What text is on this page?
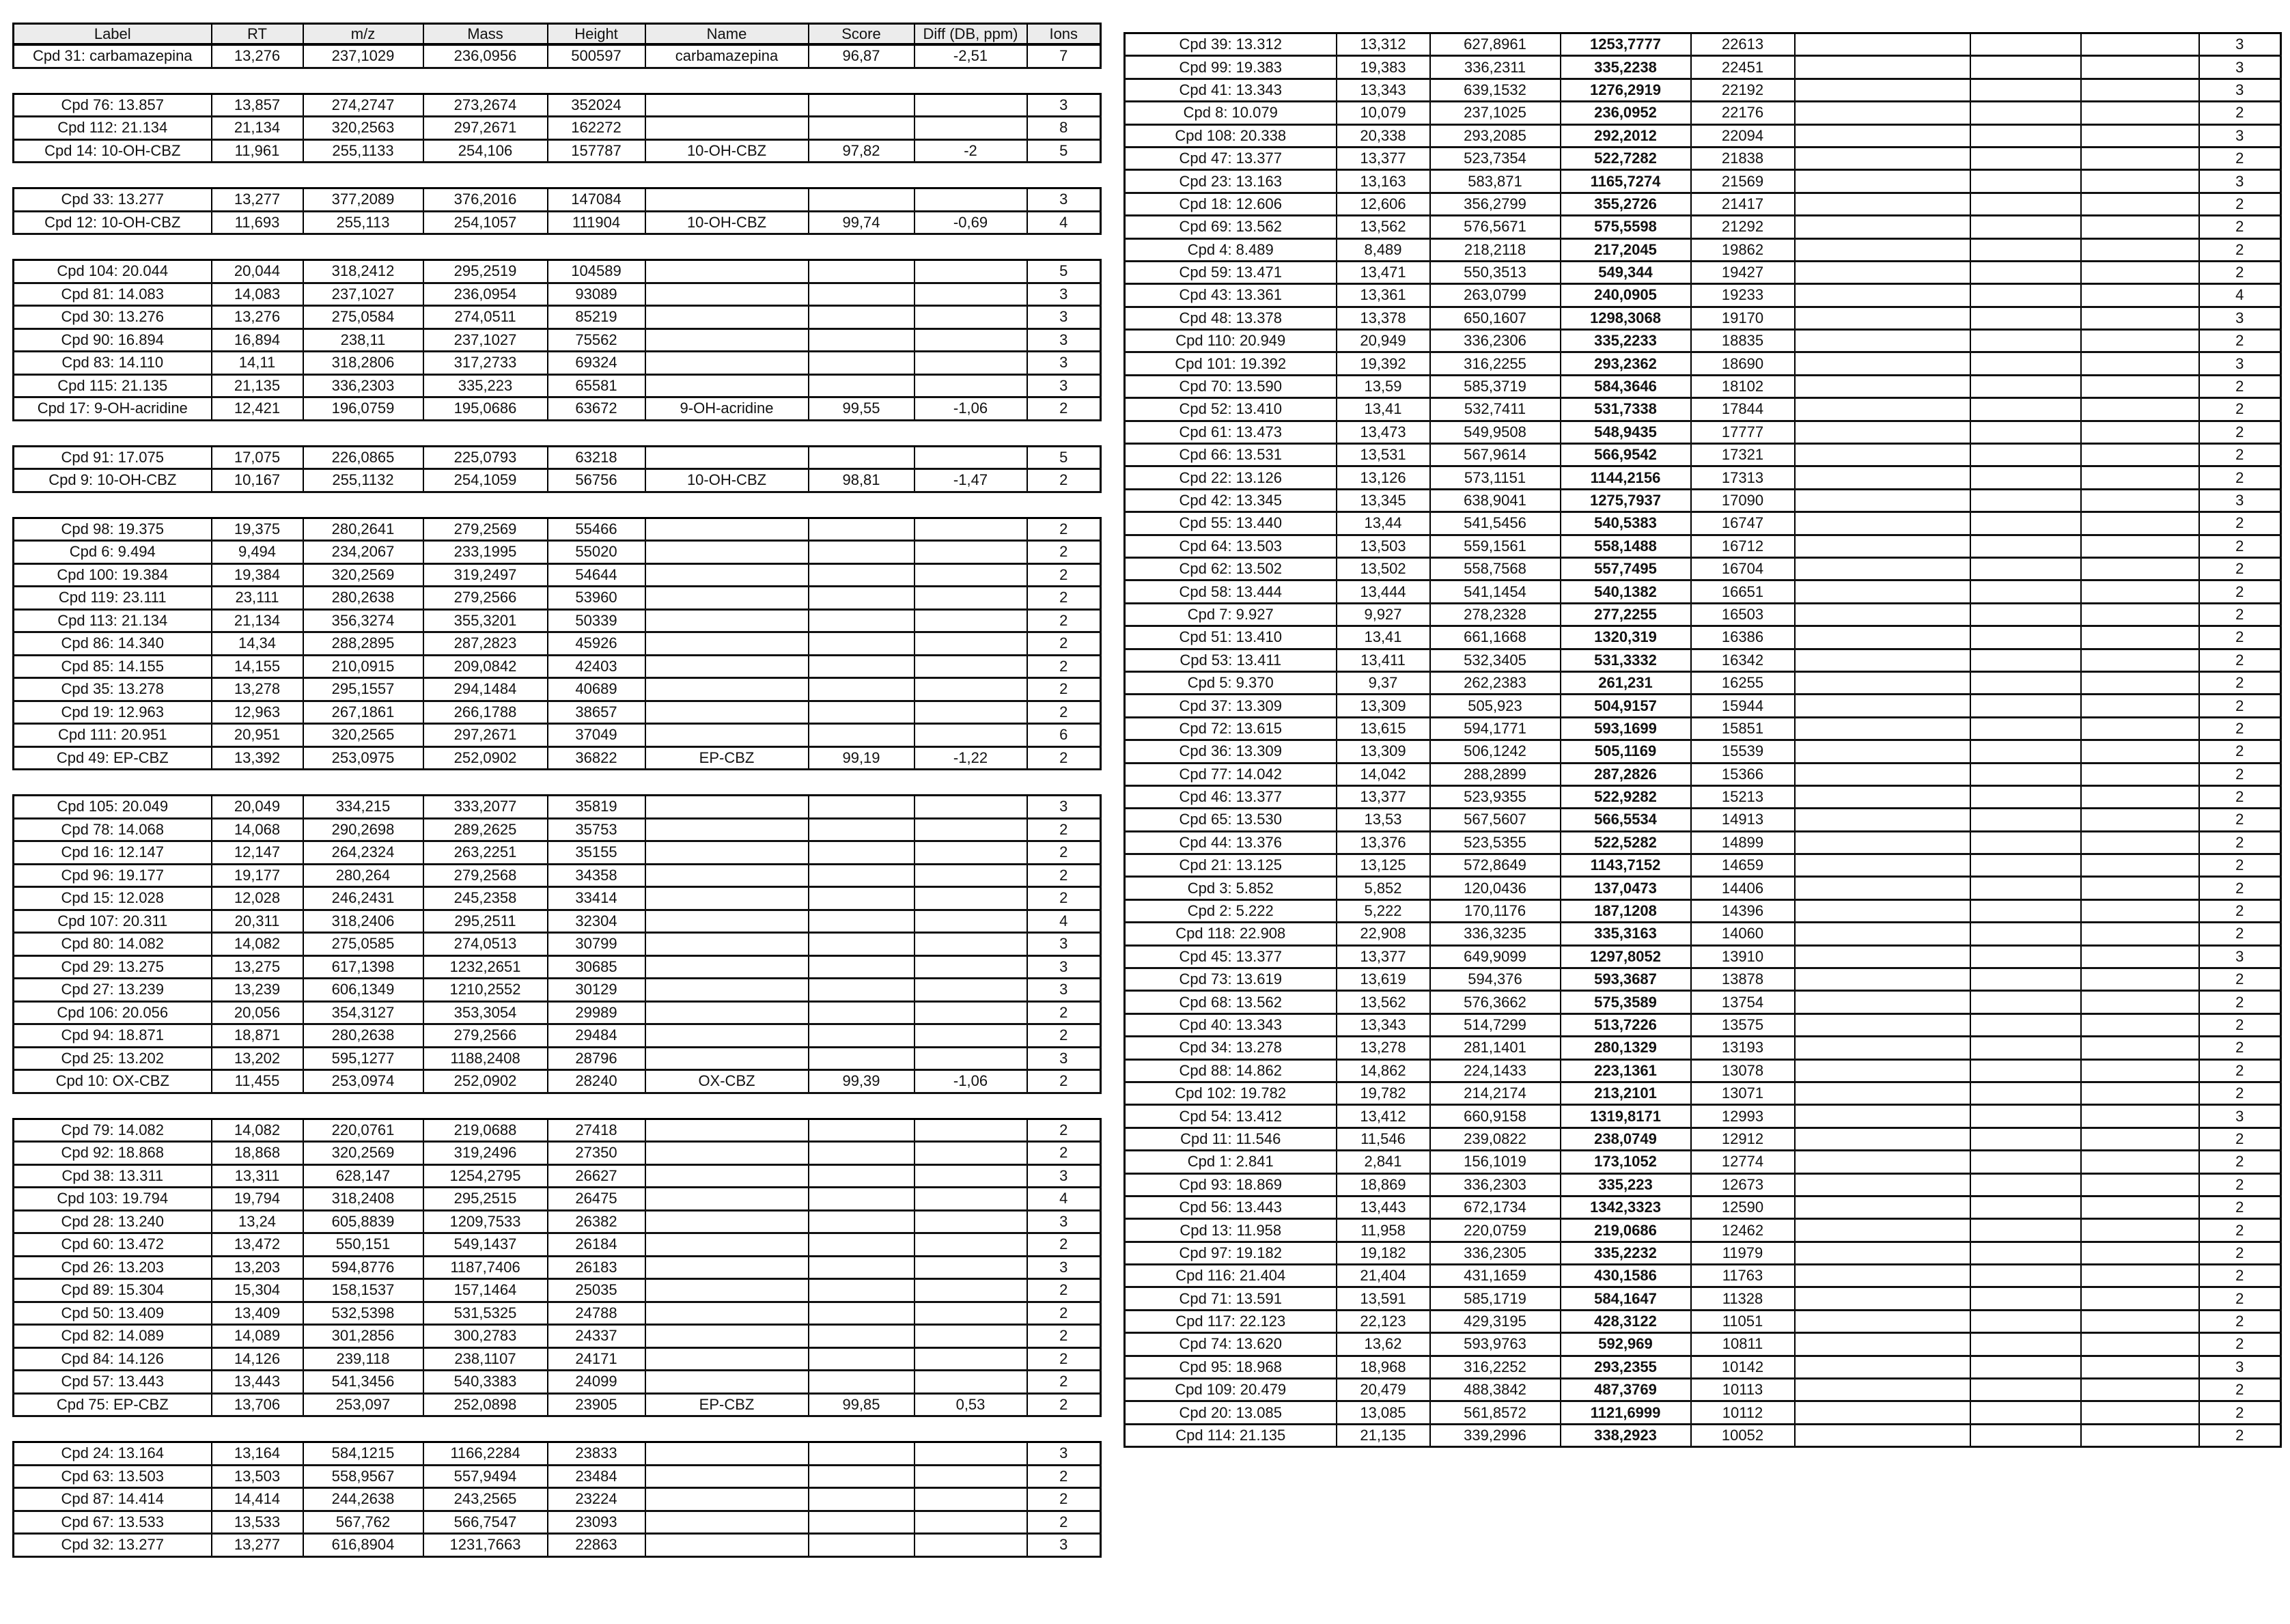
Label	RT	m/z	Mass	Height	Name	Score	Diff (DB, ppm)	Ions
Cpd 31: carbamazepina	13,276	237,1029	236,0956	500597	carbamazepina	96,87	-2,51	7
Cpd 76: 13.857	13,857	274,2747	273,2674	352024				3
Cpd 112: 21.134	21,134	320,2563	297,2671	162272				8
Cpd 14: 10-OH-CBZ	11,961	255,1133	254,106	157787	10-OH-CBZ	97,82	-2	5
Cpd 33: 13.277	13,277	377,2089	376,2016	147084				3
Cpd 12: 10-OH-CBZ	11,693	255,113	254,1057	111904	10-OH-CBZ	99,74	-0,69	4
Cpd 104: 20.044	20,044	318,2412	295,2519	104589				5
Cpd 81: 14.083	14,083	237,1027	236,0954	93089				3
Cpd 30: 13.276	13,276	275,0584	274,0511	85219				3
Cpd 90: 16.894	16,894	238,11	237,1027	75562				3
Cpd 83: 14.110	14,11	318,2806	317,2733	69324				3
Cpd 115: 21.135	21,135	336,2303	335,223	65581				3
Cpd 17: 9-OH-acridine	12,421	196,0759	195,0686	63672	9-OH-acridine	99,55	-1,06	2
Cpd 91: 17.075	17,075	226,0865	225,0793	63218				5
Cpd 9: 10-OH-CBZ	10,167	255,1132	254,1059	56756	10-OH-CBZ	98,81	-1,47	2
Cpd 98: 19.375	19,375	280,2641	279,2569	55466				2
Cpd 6: 9.494	9,494	234,2067	233,1995	55020				2
Cpd 100: 19.384	19,384	320,2569	319,2497	54644				2
Cpd 119: 23.111	23,111	280,2638	279,2566	53960				2
Cpd 113: 21.134	21,134	356,3274	355,3201	50339				2
Cpd 86: 14.340	14,34	288,2895	287,2823	45926				2
Cpd 85: 14.155	14,155	210,0915	209,0842	42403				2
Cpd 35: 13.278	13,278	295,1557	294,1484	40689				2
Cpd 19: 12.963	12,963	267,1861	266,1788	38657				2
Cpd 111: 20.951	20,951	320,2565	297,2671	37049				6
Cpd 49: EP-CBZ	13,392	253,0975	252,0902	36822	EP-CBZ	99,19	-1,22	2
Cpd 105: 20.049	20,049	334,215	333,2077	35819				3
Cpd 78: 14.068	14,068	290,2698	289,2625	35753				2
Cpd 16: 12.147	12,147	264,2324	263,2251	35155				2
Cpd 96: 19.177	19,177	280,264	279,2568	34358				2
Cpd 15: 12.028	12,028	246,2431	245,2358	33414				2
Cpd 107: 20.311	20,311	318,2406	295,2511	32304				4
Cpd 80: 14.082	14,082	275,0585	274,0513	30799				3
Cpd 29: 13.275	13,275	617,1398	1232,2651	30685				3
Cpd 27: 13.239	13,239	606,1349	1210,2552	30129				3
Cpd 106: 20.056	20,056	354,3127	353,3054	29989				2
Cpd 94: 18.871	18,871	280,2638	279,2566	29484				2
Cpd 25: 13.202	13,202	595,1277	1188,2408	28796				3
Cpd 10: OX-CBZ	11,455	253,0974	252,0902	28240	OX-CBZ	99,39	-1,06	2
Cpd 79: 14.082	14,082	220,0761	219,0688	27418				2
Cpd 92: 18.868	18,868	320,2569	319,2496	27350				2
Cpd 38: 13.311	13,311	628,147	1254,2795	26627				3
Cpd 103: 19.794	19,794	318,2408	295,2515	26475				4
Cpd 28: 13.240	13,24	605,8839	1209,7533	26382				3
Cpd 60: 13.472	13,472	550,151	549,1437	26184				2
Cpd 26: 13.203	13,203	594,8776	1187,7406	26183				3
Cpd 89: 15.304	15,304	158,1537	157,1464	25035				2
Cpd 50: 13.409	13,409	532,5398	531,5325	24788				2
Cpd 82: 14.089	14,089	301,2856	300,2783	24337				2
Cpd 84: 14.126	14,126	239,118	238,1107	24171				2
Cpd 57: 13.443	13,443	541,3456	540,3383	24099				2
Cpd 75: EP-CBZ	13,706	253,097	252,0898	23905	EP-CBZ	99,85	0,53	2
Cpd 24: 13.164	13,164	584,1215	1166,2284	23833				3
Cpd 63: 13.503	13,503	558,9567	557,9494	23484				2
Cpd 87: 14.414	14,414	244,2638	243,2565	23224				2
Cpd 67: 13.533	13,533	567,762	566,7547	23093				2
Cpd 32: 13.277	13,277	616,8904	1231,7663	22863				3
Cpd 39: 13.312	13,312	627,8961	1253,7777	22613				3
Cpd 99: 19.383	19,383	336,2311	335,2238	22451				3
Cpd 41: 13.343	13,343	639,1532	1276,2919	22192				3
Cpd 8: 10.079	10,079	237,1025	236,0952	22176				2
Cpd 108: 20.338	20,338	293,2085	292,2012	22094				3
Cpd 47: 13.377	13,377	523,7354	522,7282	21838				2
Cpd 23: 13.163	13,163	583,871	1165,7274	21569				3
Cpd 18: 12.606	12,606	356,2799	355,2726	21417				2
Cpd 69: 13.562	13,562	576,5671	575,5598	21292				2
Cpd 4: 8.489	8,489	218,2118	217,2045	19862				2
Cpd 59: 13.471	13,471	550,3513	549,344	19427				2
Cpd 43: 13.361	13,361	263,0799	240,0905	19233				4
Cpd 48: 13.378	13,378	650,1607	1298,3068	19170				3
Cpd 110: 20.949	20,949	336,2306	335,2233	18835				2
Cpd 101: 19.392	19,392	316,2255	293,2362	18690				3
Cpd 70: 13.590	13,59	585,3719	584,3646	18102				2
Cpd 52: 13.410	13,41	532,7411	531,7338	17844				2
Cpd 61: 13.473	13,473	549,9508	548,9435	17777				2
Cpd 66: 13.531	13,531	567,9614	566,9542	17321				2
Cpd 22: 13.126	13,126	573,1151	1144,2156	17313				2
Cpd 42: 13.345	13,345	638,9041	1275,7937	17090				3
Cpd 55: 13.440	13,44	541,5456	540,5383	16747				2
Cpd 64: 13.503	13,503	559,1561	558,1488	16712				2
Cpd 62: 13.502	13,502	558,7568	557,7495	16704				2
Cpd 58: 13.444	13,444	541,1454	540,1382	16651				2
Cpd 7: 9.927	9,927	278,2328	277,2255	16503				2
Cpd 51: 13.410	13,41	661,1668	1320,319	16386				2
Cpd 53: 13.411	13,411	532,3405	531,3332	16342				2
Cpd 5: 9.370	9,37	262,2383	261,231	16255				2
Cpd 37: 13.309	13,309	505,923	504,9157	15944				2
Cpd 72: 13.615	13,615	594,1771	593,1699	15851				2
Cpd 36: 13.309	13,309	506,1242	505,1169	15539				2
Cpd 77: 14.042	14,042	288,2899	287,2826	15366				2
Cpd 46: 13.377	13,377	523,9355	522,9282	15213				2
Cpd 65: 13.530	13,53	567,5607	566,5534	14913				2
Cpd 44: 13.376	13,376	523,5355	522,5282	14899				2
Cpd 21: 13.125	13,125	572,8649	1143,7152	14659				2
Cpd 3: 5.852	5,852	120,0436	137,0473	14406				2
Cpd 2: 5.222	5,222	170,1176	187,1208	14396				2
Cpd 118: 22.908	22,908	336,3235	335,3163	14060				2
Cpd 45: 13.377	13,377	649,9099	1297,8052	13910				3
Cpd 73: 13.619	13,619	594,376	593,3687	13878				2
Cpd 68: 13.562	13,562	576,3662	575,3589	13754				2
Cpd 40: 13.343	13,343	514,7299	513,7226	13575				2
Cpd 34: 13.278	13,278	281,1401	280,1329	13193				2
Cpd 88: 14.862	14,862	224,1433	223,1361	13078				2
Cpd 102: 19.782	19,782	214,2174	213,2101	13071				2
Cpd 54: 13.412	13,412	660,9158	1319,8171	12993				3
Cpd 11: 11.546	11,546	239,0822	238,0749	12912				2
Cpd 1: 2.841	2,841	156,1019	173,1052	12774				2
Cpd 93: 18.869	18,869	336,2303	335,223	12673				2
Cpd 56: 13.443	13,443	672,1734	1342,3323	12590				2
Cpd 13: 11.958	11,958	220,0759	219,0686	12462				2
Cpd 97: 19.182	19,182	336,2305	335,2232	11979				2
Cpd 116: 21.404	21,404	431,1659	430,1586	11763				2
Cpd 71: 13.591	13,591	585,1719	584,1647	11328				2
Cpd 117: 22.123	22,123	429,3195	428,3122	11051				2
Cpd 74: 13.620	13,62	593,9763	592,969	10811				2
Cpd 95: 18.968	18,968	316,2252	293,2355	10142				3
Cpd 109: 20.479	20,479	488,3842	487,3769	10113				2
Cpd 20: 13.085	13,085	561,8572	1121,6999	10112				2
Cpd 114: 21.135	21,135	339,2996	338,2923	10052				2
